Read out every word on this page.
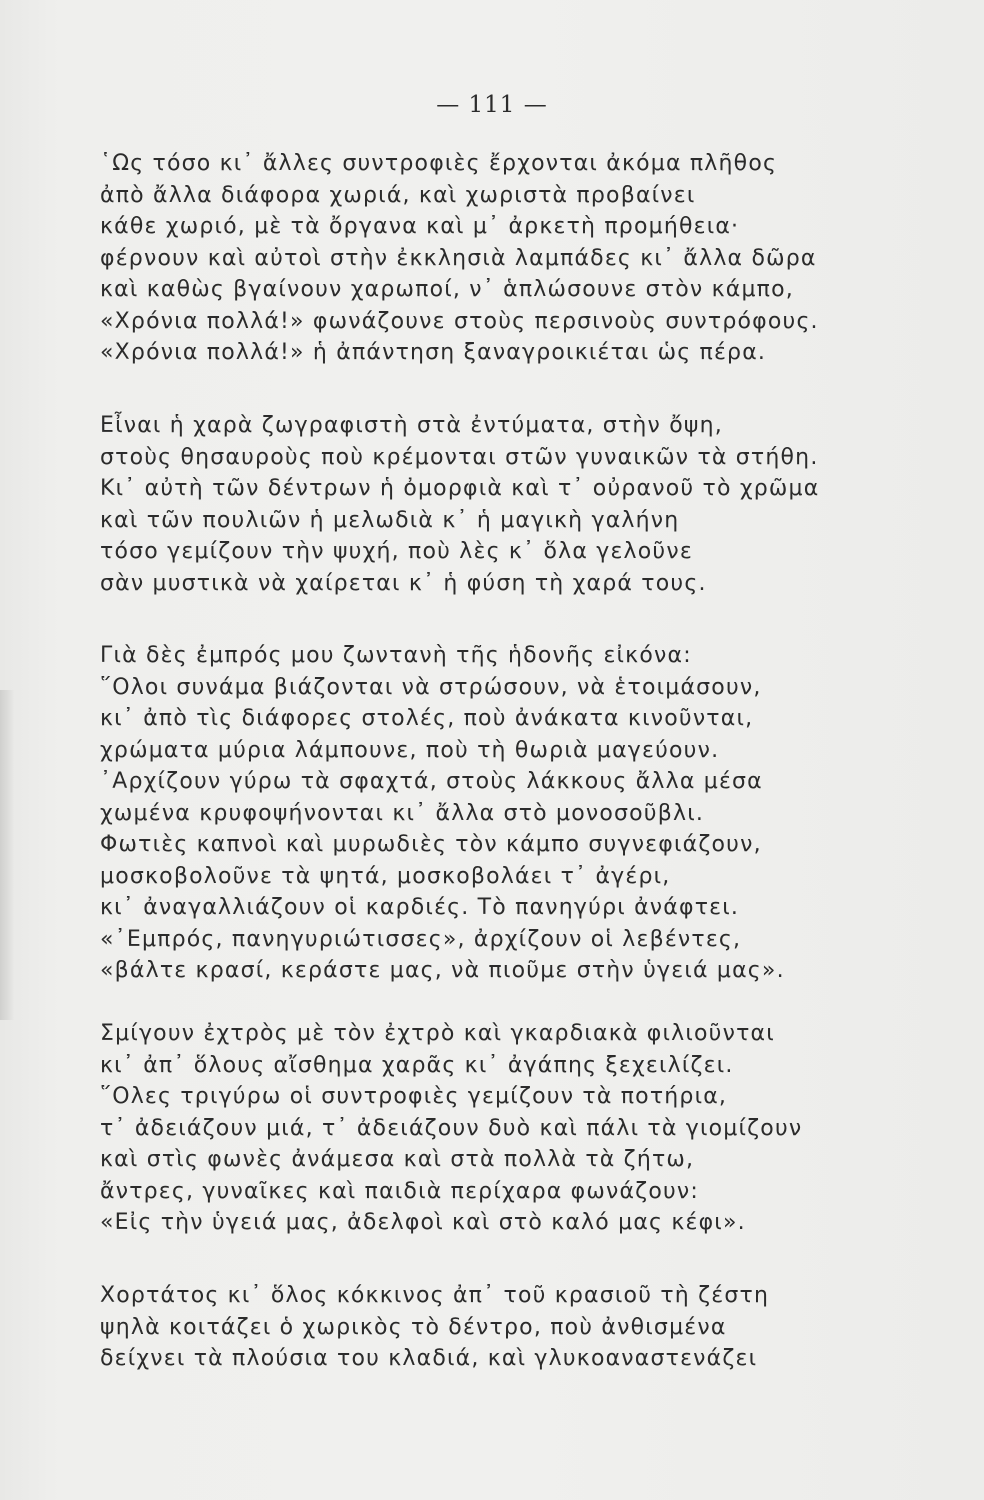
— 111 —
῾Ως τόσο κι᾽ ἄλλες συντροφιὲς ἔρχονται ἀκόμα πλῆθος
ἀπὸ ἄλλα διάφορα χωριά, καὶ χωριστὰ προβαίνει
κάθε χωριό, μὲ τὰ ὄργανα καὶ μ᾽ ἀρκετὴ προμήθεια·
φέρνουν καὶ αὐτοὶ στὴν ἐκκλησιὰ λαμπάδες κι᾽ ἄλλα δῶρα
καὶ καθὼς βγαίνουν χαρωποί, ν᾽ ἁπλώσουνε στὸν κάμπο,
«Χρόνια πολλά!» φωνάζουνε στοὺς περσινοὺς συντρόφους.
«Χρόνια πολλά!» ἡ ἀπάντηση ξαναγροικιέται ὡς πέρα.
Εἶναι ἡ χαρὰ ζωγραφιστὴ στὰ ἐντύματα, στὴν ὄψη,
στοὺς θησαυροὺς ποὺ κρέμονται στῶν γυναικῶν τὰ στήθη.
Κι᾽ αὐτὴ τῶν δέντρων ἡ ὀμορφιὰ καὶ τ᾽ οὐρανοῦ τὸ χρῶμα
καὶ τῶν πουλιῶν ἡ μελωδιὰ κ᾽ ἡ μαγικὴ γαλήνη
τόσο γεμίζουν τὴν ψυχή, ποὺ λὲς κ᾽ ὅλα γελοῦνε
σὰν μυστικὰ νὰ χαίρεται κ᾽ ἡ φύση τὴ χαρά τους.
Γιὰ δὲς ἐμπρός μου ζωντανὴ τῆς ἡδονῆς εἰκόνα:
῞Ολοι συνάμα βιάζονται νὰ στρώσουν, νὰ ἑτοιμάσουν,
κι᾽ ἀπὸ τὶς διάφορες στολές, ποὺ ἀνάκατα κινοῦνται,
χρώματα μύρια λάμπουνε, ποὺ τὴ θωριὰ μαγεύουν.
᾽Αρχίζουν γύρω τὰ σφαχτά, στοὺς λάκκους ἄλλα μέσα
χωμένα κρυφοψήνονται κι᾽ ἄλλα στὸ μονοσοῦβλι.
Φωτιὲς καπνοὶ καὶ μυρωδιὲς τὸν κάμπο συγνεφιάζουν,
μοσκοβολοῦνε τὰ ψητά, μοσκοβολάει τ᾽ ἀγέρι,
κι᾽ ἀναγαλλιάζουν οἱ καρδιές. Τὸ πανηγύρι ἀνάφτει.
«᾽Εμπρός, πανηγυριώτισσες», ἀρχίζουν οἱ λεβέντες,
«βάλτε κρασί, κεράστε μας, νὰ πιοῦμε στὴν ὑγειά μας».
Σμίγουν ἐχτρὸς μὲ τὸν ἐχτρὸ καὶ γκαρδιακὰ φιλιοῦνται
κι᾽ ἀπ᾽ ὅλους αἴσθημα χαρᾶς κι᾽ ἀγάπης ξεχειλίζει.
῞Ολες τριγύρω οἱ συντροφιὲς γεμίζουν τὰ ποτήρια,
τ᾽ ἀδειάζουν μιά, τ᾽ ἀδειάζουν δυὸ καὶ πάλι τὰ γιομίζουν
καὶ στὶς φωνὲς ἀνάμεσα καὶ στὰ πολλὰ τὰ ζήτω,
ἄντρες, γυναῖκες καὶ παιδιὰ περίχαρα φωνάζουν:
«Εἰς τὴν ὑγειά μας, ἀδελφοὶ καὶ στὸ καλό μας κέφι».
Χορτάτος κι᾽ ὅλος κόκκινος ἀπ᾽ τοῦ κρασιοῦ τὴ ζέστη
ψηλὰ κοιτάζει ὁ χωρικὸς τὸ δέντρο, ποὺ ἀνθισμένα
δείχνει τὰ πλούσια του κλαδιά, καὶ γλυκοαναστενάζει
